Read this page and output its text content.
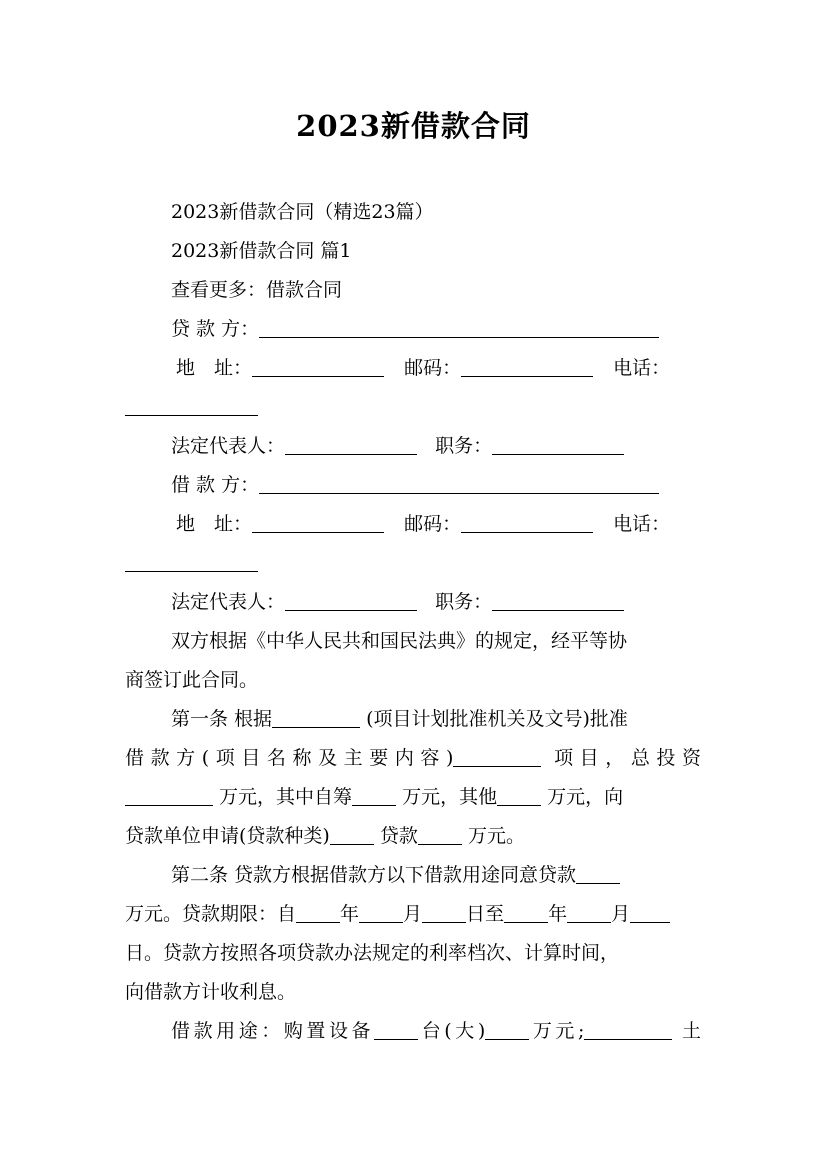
2023新借款合同
2023新借款合同（精选23篇）
2023新借款合同 篇1
查看更多：借款合同
贷 款 方：
地　址：	邮码：	电话：
法定代表人：	职务：
借 款 方：
地　址：	邮码：	电话：
法定代表人：	职务：
双方根据《中华人民共和国民法典》的规定，经平等协
商签订此合同。
第一条 根据	(项目计划批准机关及文号)批准
借款方(项目名称及主要内容)	项目，总投资
万元，其中自筹	万元，其他	万元，向
贷款单位申请(贷款种类)	贷款	万元。
第二条 贷款方根据借款方以下借款用途同意贷款
万元。贷款期限：自 年 月 日至 年 月
日。贷款方按照各项贷款办法规定的利率档次、计算时间，
向借款方计收利息。
借款用途：购置设备 台(大) 万元;	土
